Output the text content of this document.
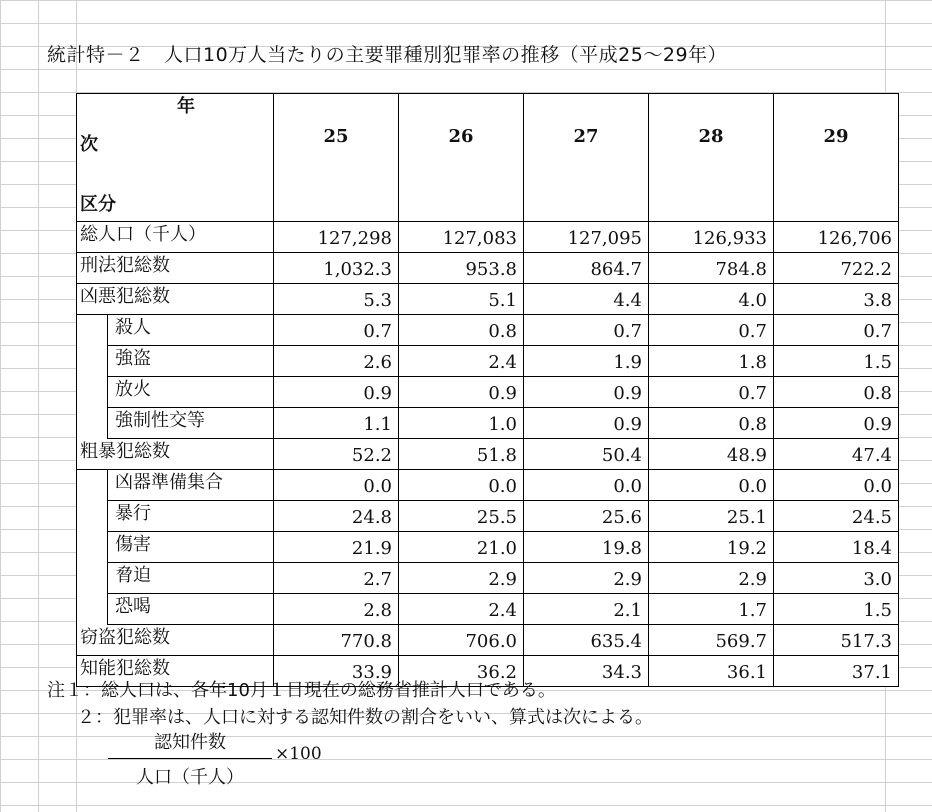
統計特－２　人口10万人当たりの主要罪種別犯罪率の推移（平成25～29年）
年
次
区分	25	26	27	28	29

総人口（千人）	127,298	127,083	127,095	126,933	126,706

刑法犯総数	1,032.3	953.8	864.7	784.8	722.2

凶悪犯総数	5.3	5.1	4.4	4.0	3.8

殺人	0.7	0.8	0.7	0.7	0.7

強盗	2.6	2.4	1.9	1.8	1.5

放火	0.9	0.9	0.9	0.7	0.8

強制性交等	1.1	1.0	0.9	0.8	0.9

粗暴犯総数	52.2	51.8	50.4	48.9	47.4

凶器準備集合	0.0	0.0	0.0	0.0	0.0

暴行	24.8	25.5	25.6	25.1	24.5

傷害	21.9	21.0	19.8	19.2	18.4

脅迫	2.7	2.9	2.9	2.9	3.0

恐喝	2.8	2.4	2.1	1.7	1.5

窃盗犯総数	770.8	706.0	635.4	569.7	517.3

知能犯総数	33.9	36.2	34.3	36.1	37.1
注１：総人口は、各年10月１日現在の総務省推計人口である。
２：犯罪率は、人口に対する認知件数の割合をいい、算式は次による。
$\frac{\text{認知件数}}{\text{人口（千人）}} \times 100$
